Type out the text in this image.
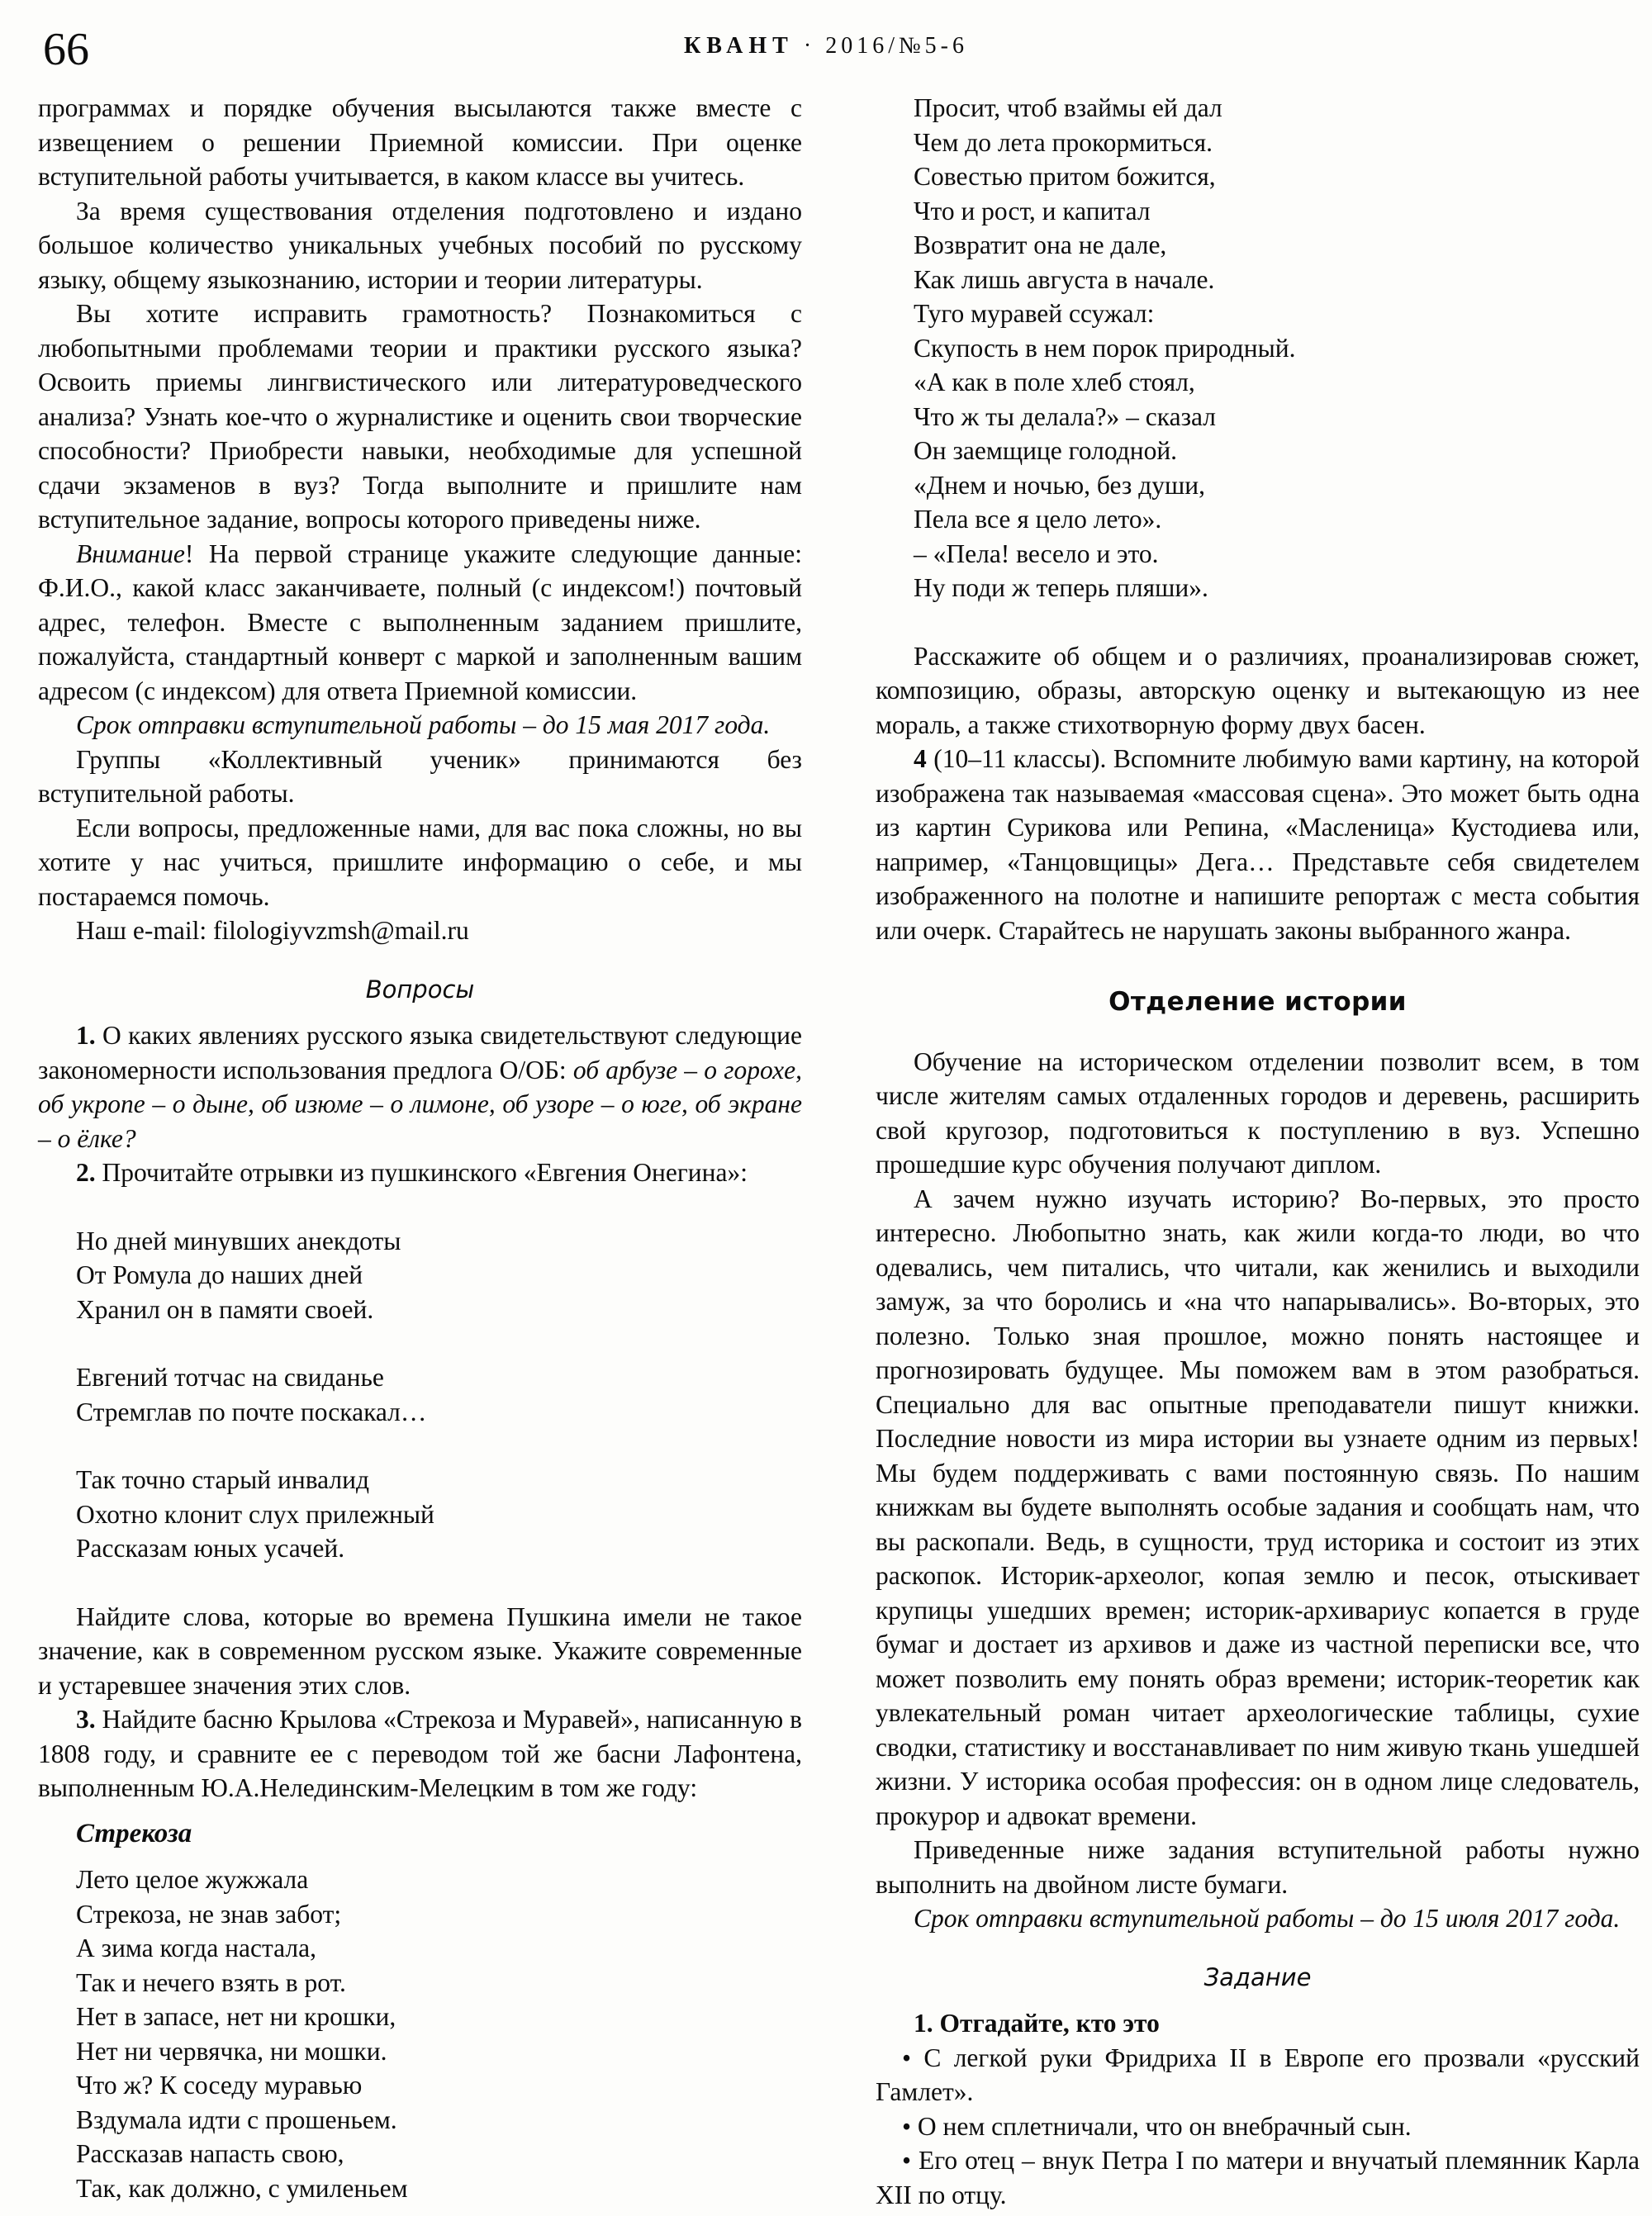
66	КВАНТ · 2016/№5-6

программах и порядке обучения высылаются также вместе с извещением о решении Приемной комиссии. При оценке вступительной работы учитывается, в каком классе вы учитесь.

За время существования отделения подготовлено и издано большое количество уникальных учебных пособий по русскому языку, общему языкознанию, истории и теории литературы.

Вы хотите исправить грамотность? Познакомиться с любопытными проблемами теории и практики русского языка? Освоить приемы лингвистического или литературоведческого анализа? Узнать кое-что о журналистике и оценить свои творческие способности? Приобрести навыки, необходимые для успешной сдачи экзаменов в вуз? Тогда выполните и пришлите нам вступительное задание, вопросы которого приведены ниже.

Внимание! На первой странице укажите следующие данные: Ф.И.О., какой класс заканчиваете, полный (с индексом!) почтовый адрес, телефон. Вместе с выполненным заданием пришлите, пожалуйста, стандартный конверт с маркой и заполненным вашим адресом (с индексом) для ответа Приемной комиссии.

Срок отправки вступительной работы – до 15 мая 2017 года.

Группы «Коллективный ученик» принимаются без вступительной работы.

Если вопросы, предложенные нами, для вас пока сложны, но вы хотите у нас учиться, пришлите информацию о себе, и мы постараемся помочь.

Наш e-mail: filologiyvzmsh@mail.ru

Вопросы

1. О каких явлениях русского языка свидетельствуют следующие закономерности использования предлога О/ОБ: об арбузе – о горохе, об укропе – о дыне, об изюме – о лимоне, об узоре – о юге, об экране – о ёлке?

2. Прочитайте отрывки из пушкинского «Евгения Онегина»:

Но дней минувших анекдоты
От Ромула до наших дней
Хранил он в памяти своей.
Евгений тотчас на свиданье
Стремглав по почте поскакал…
Так точно старый инвалид
Охотно клонит слух прилежный
Рассказам юных усачей.

Найдите слова, которые во времена Пушкина имели не такое значение, как в современном русском языке. Укажите современные и устаревшее значения этих слов.

3. Найдите басню Крылова «Стрекоза и Муравей», написанную в 1808 году, и сравните ее с переводом той же басни Лафонтена, выполненным Ю.А.Нелединским-Мелецким в том же году:

Стрекоза
Лето целое жужжала
Стрекоза, не знав забот;
А зима когда настала,
Так и нечего взять в рот.
Нет в запасе, нет ни крошки,
Нет ни червячка, ни мошки.
Что ж? К соседу муравью
Вздумала идти с прошеньем.
Рассказав напасть свою,
Так, как должно, с умиленьем
Просит, чтоб взаймы ей дал
Чем до лета прокормиться.
Совестью притом божится,
Что и рост, и капитал
Возвратит она не дале,
Как лишь августа в начале.
Туго муравей ссужал:
Скупость в нем порок природный.
«А как в поле хлеб стоял,
Что ж ты делала?» – сказал
Он заемщице голодной.
«Днем и ночью, без души,
Пела все я цело лето».
– «Пела! весело и это.
Ну поди ж теперь пляши».

Расскажите об общем и о различиях, проанализировав сюжет, композицию, образы, авторскую оценку и вытекающую из нее мораль, а также стихотворную форму двух басен.

4 (10–11 классы). Вспомните любимую вами картину, на которой изображена так называемая «массовая сцена». Это может быть одна из картин Сурикова или Репина, «Масленица» Кустодиева или, например, «Танцовщицы» Дега… Представьте себя свидетелем изображенного на полотне и напишите репортаж с места события или очерк. Старайтесь не нарушать законы выбранного жанра.

Отделение истории

Обучение на историческом отделении позволит всем, в том числе жителям самых отдаленных городов и деревень, расширить свой кругозор, подготовиться к поступлению в вуз. Успешно прошедшие курс обучения получают диплом.

А зачем нужно изучать историю? Во-первых, это просто интересно. Любопытно знать, как жили когда-то люди, во что одевались, чем питались, что читали, как женились и выходили замуж, за что боролись и «на что напарывались». Во-вторых, это полезно. Только зная прошлое, можно понять настоящее и прогнозировать будущее. Мы поможем вам в этом разобраться. Специально для вас опытные преподаватели пишут книжки. Последние новости из мира истории вы узнаете одним из первых! Мы будем поддерживать с вами постоянную связь. По нашим книжкам вы будете выполнять особые задания и сообщать нам, что вы раскопали. Ведь, в сущности, труд историка и состоит из этих раскопок. Историк-археолог, копая землю и песок, отыскивает крупицы ушедших времен; историк-архивариус копается в груде бумаг и достает из архивов и даже из частной переписки все, что может позволить ему понять образ времени; историк-теоретик как увлекательный роман читает археологические таблицы, сухие сводки, статистику и восстанавливает по ним живую ткань ушедшей жизни. У историка особая профессия: он в одном лице следователь, прокурор и адвокат времени.

Приведенные ниже задания вступительной работы нужно выполнить на двойном листе бумаги.

Срок отправки вступительной работы – до 15 июля 2017 года.

Задание

1. Отгадайте, кто это

• С легкой руки Фридриха II в Европе его прозвали «русский Гамлет».

• О нем сплетничали, что он внебрачный сын.

• Его отец – внук Петра I по матери и внучатый племянник Карла XII по отцу.
